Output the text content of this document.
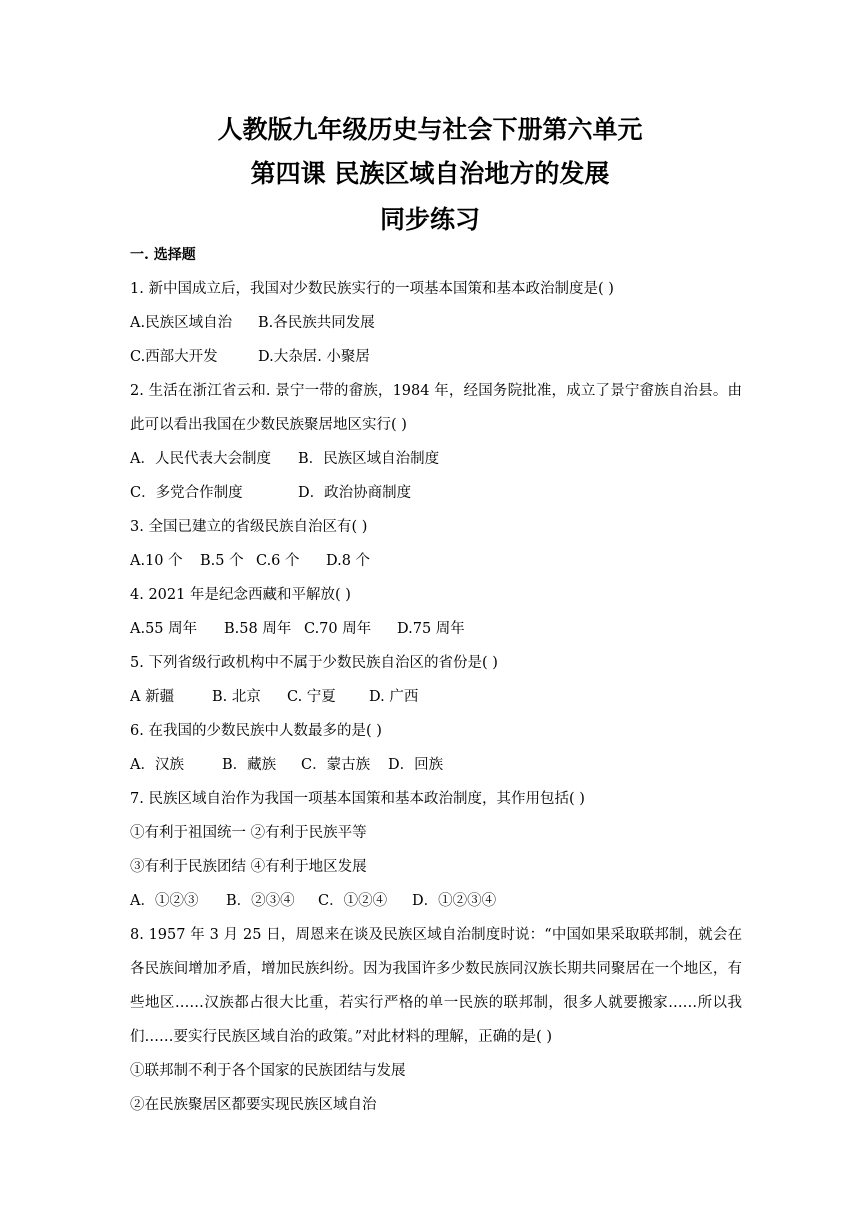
人教版九年级历史与社会下册第六单元

第四课 民族区域自治地方的发展

同步练习

一. 选择题

1. 新中国成立后，我国对少数民族实行的一项基本国策和基本政治制度是( )

A.民族区域自治 B.各民族共同发展

C.西部大开发	D.大杂居. 小聚居

2. 生活在浙江省云和. 景宁一带的畲族，1984 年，经国务院批准，成立了景宁畲族自治县。由此可以看出我国在少数民族聚居地区实行( )

A．人民代表大会制度 B．民族区域自治制度

C．多党合作制度	D．政治协商制度

3. 全国已建立的省级民族自治区有( )

A.10 个 B.5 个 C.6 个 D.8 个

4. 2021 年是纪念西藏和平解放( )

A.55 周年 B.58 周年 C.70 周年 D.75 周年

5. 下列省级行政机构中不属于少数民族自治区的省份是( )

A 新疆	B. 北京 C. 宁夏 D. 广西

6. 在我国的少数民族中人数最多的是( )

A．汉族	B．藏族 C．蒙古族 D．回族

7. 民族区域自治作为我国一项基本国策和基本政治制度，其作用包括( )

①有利于祖国统一 ②有利于民族平等

③有利于民族团结 ④有利于地区发展

A．①②③ B．②③④ C．①②④ D．①②③④

8. 1957 年 3 月 25 日，周恩来在谈及民族区域自治制度时说：“中国如果采取联邦制，就会在各民族间增加矛盾，增加民族纠纷。因为我国许多少数民族同汉族长期共同聚居在一个地区，有些地区……汉族都占很大比重，若实行严格的单一民族的联邦制，很多人就要搬家……所以我们……要实行民族区域自治的政策。”对此材料的理解，正确的是( )

①联邦制不利于各个国家的民族团结与发展

②在民族聚居区都要实现民族区域自治
